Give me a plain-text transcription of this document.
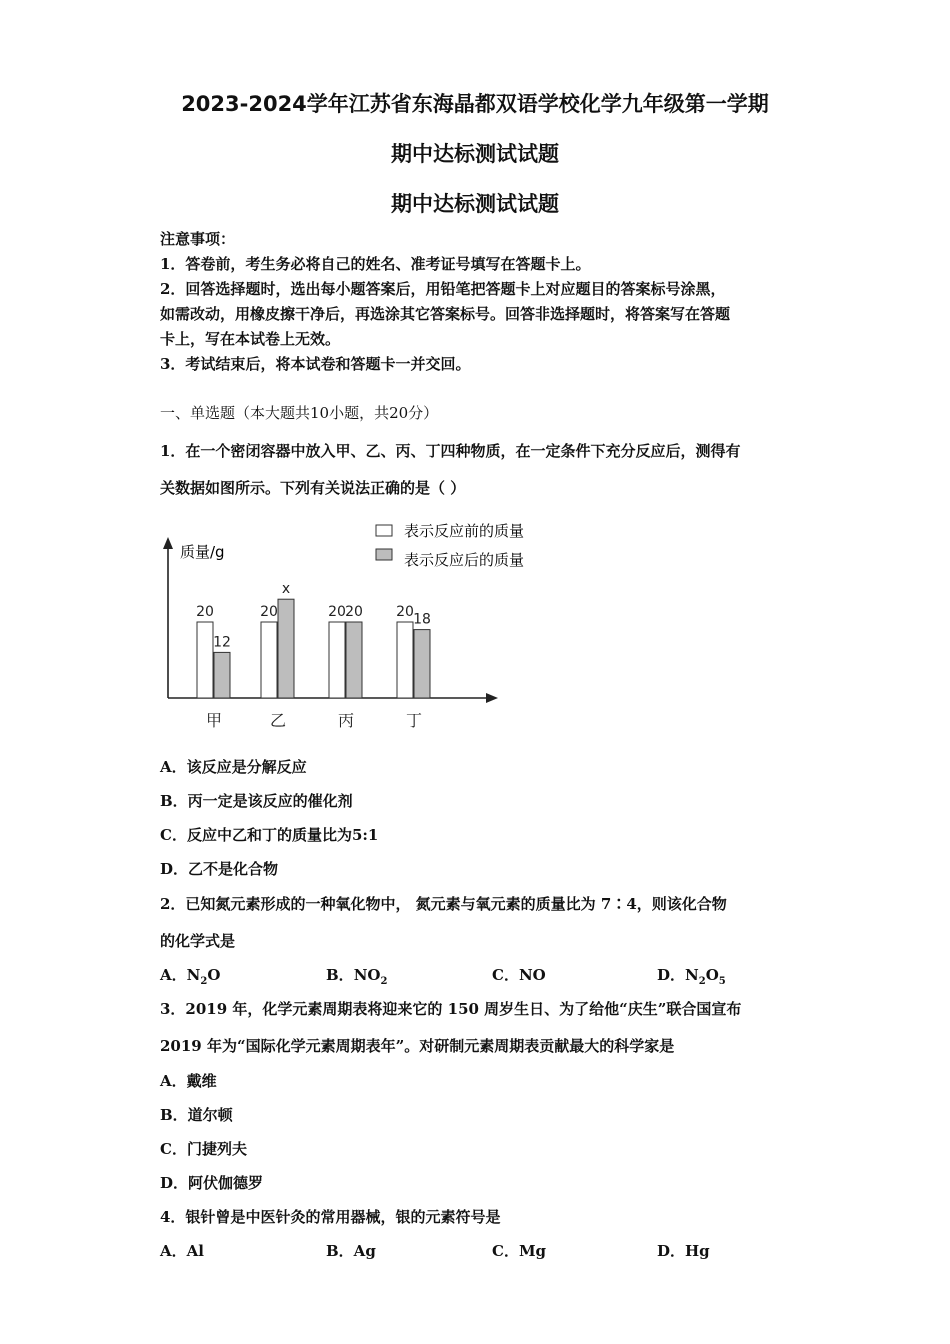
2023-2024学年江苏省东海晶都双语学校化学九年级第一学期
期中达标测试试题
期中达标测试试题
注意事项：
1．答卷前，考生务必将自己的姓名、准考证号填写在答题卡上。
2．回答选择题时，选出每小题答案后，用铅笔把答题卡上对应题目的答案标号涂黑，
如需改动，用橡皮擦干净后，再选涂其它答案标号。回答非选择题时，将答案写在答题
卡上，写在本试卷上无效。
3．考试结束后，将本试卷和答题卡一并交回。
一、单选题（本大题共10小题，共20分）
1．在一个密闭容器中放入甲、乙、丙、丁四种物质，在一定条件下充分反应后，测得有
关数据如图所示。下列有关说法正确的是（ ）
质量/g
表示反应前的质量
表示反应后的质量
20
12
甲
20
x
乙
20 20
丙
20 18
丁
A．该反应是分解反应
B．丙一定是该反应的催化剂
C．反应中乙和丁的质量比为5:1
D．乙不是化合物
2．已知氮元素形成的一种氧化物中， 氮元素与氧元素的质量比为 7∶4，则该化合物
的化学式是
A．$N_2O$	B．$NO_2$	C．NO	D．$N_2O_5$
3．2019 年，化学元素周期表将迎来它的 150 周岁生日、为了给他“庆生”联合国宣布
2019 年为“国际化学元素周期表年”。对研制元素周期表贡献最大的科学家是
A．戴维
B．道尔顿
C．门捷列夫
D．阿伏伽德罗
4．银针曾是中医针灸的常用器械，银的元素符号是
A．Al	B．Ag	C．Mg	D．Hg
